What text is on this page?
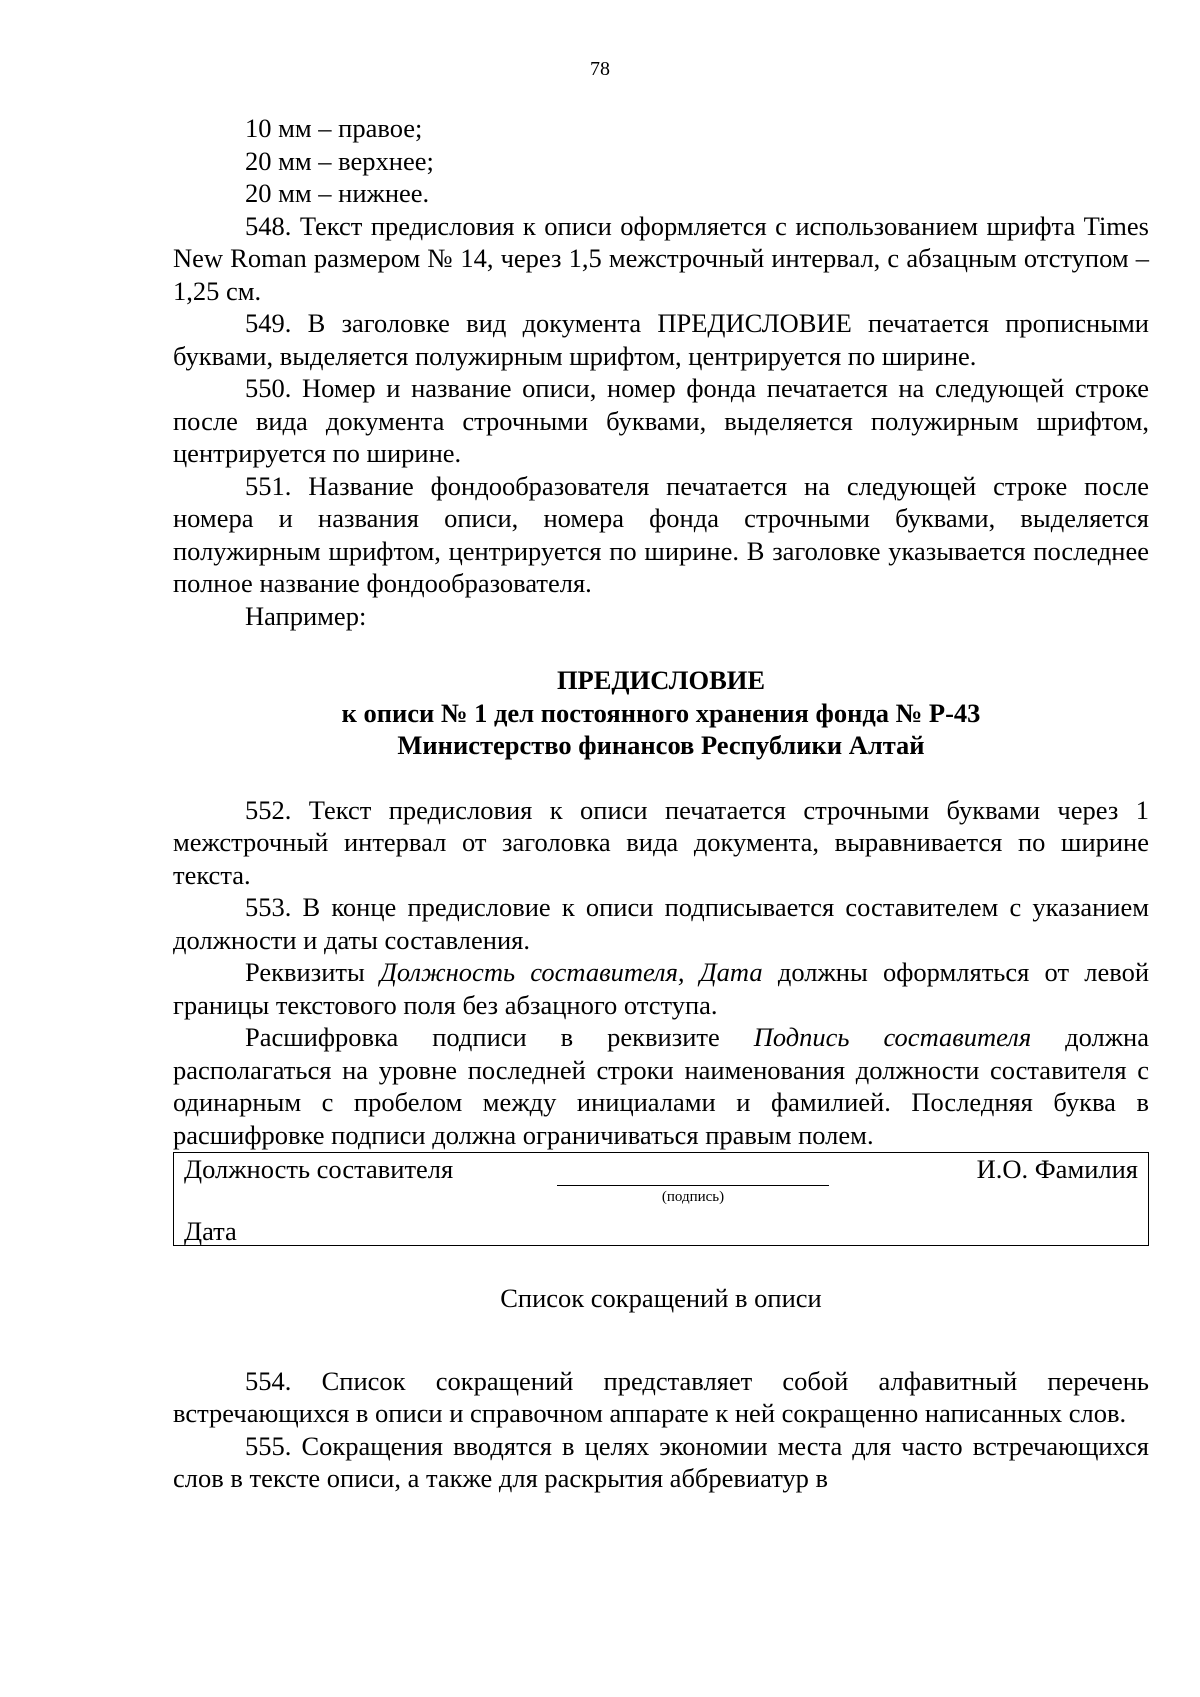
78

10 мм – правое;

20 мм – верхнее;

20 мм – нижнее.

548. Текст предисловия к описи оформляется с использованием шрифта Times New Roman размером № 14, через 1,5 межстрочный интервал, с абзацным отступом – 1,25 см.

549. В заголовке вид документа ПРЕДИСЛОВИЕ печатается прописными буквами, выделяется полужирным шрифтом, центрируется по ширине.

550. Номер и название описи, номер фонда печатается на следующей строке после вида документа строчными буквами, выделяется полужирным шрифтом, центрируется по ширине.

551. Название фондообразователя печатается на следующей строке после номера и названия описи, номера фонда строчными буквами, выделяется полужирным шрифтом, центрируется по ширине. В заголовке указывается последнее полное название фондообразователя.

Например:

ПРЕДИСЛОВИЕ
к описи № 1 дел постоянного хранения фонда № Р-43
Министерство финансов Республики Алтай

552. Текст предисловия к описи печатается строчными буквами через 1 межстрочный интервал от заголовка вида документа, выравнивается по ширине текста.

553. В конце предисловие к описи подписывается составителем с указанием должности и даты составления.

Реквизиты Должность составителя, Дата должны оформляться от левой границы текстового поля без абзацного отступа.

Расшифровка подписи в реквизите Подпись составителя должна располагаться на уровне последней строки наименования должности составителя с одинарным с пробелом между инициалами и фамилией. Последняя буква в расшифровке подписи должна ограничиваться правым полем.

Должность составителя
(подпись)
И.О. Фамилия
Дата
Список сокращений в описи

554. Список сокращений представляет собой алфавитный перечень встречающихся в описи и справочном аппарате к ней сокращенно написанных слов.

555. Сокращения вводятся в целях экономии места для часто встречающихся слов в тексте описи, а также для раскрытия аббревиатур в
